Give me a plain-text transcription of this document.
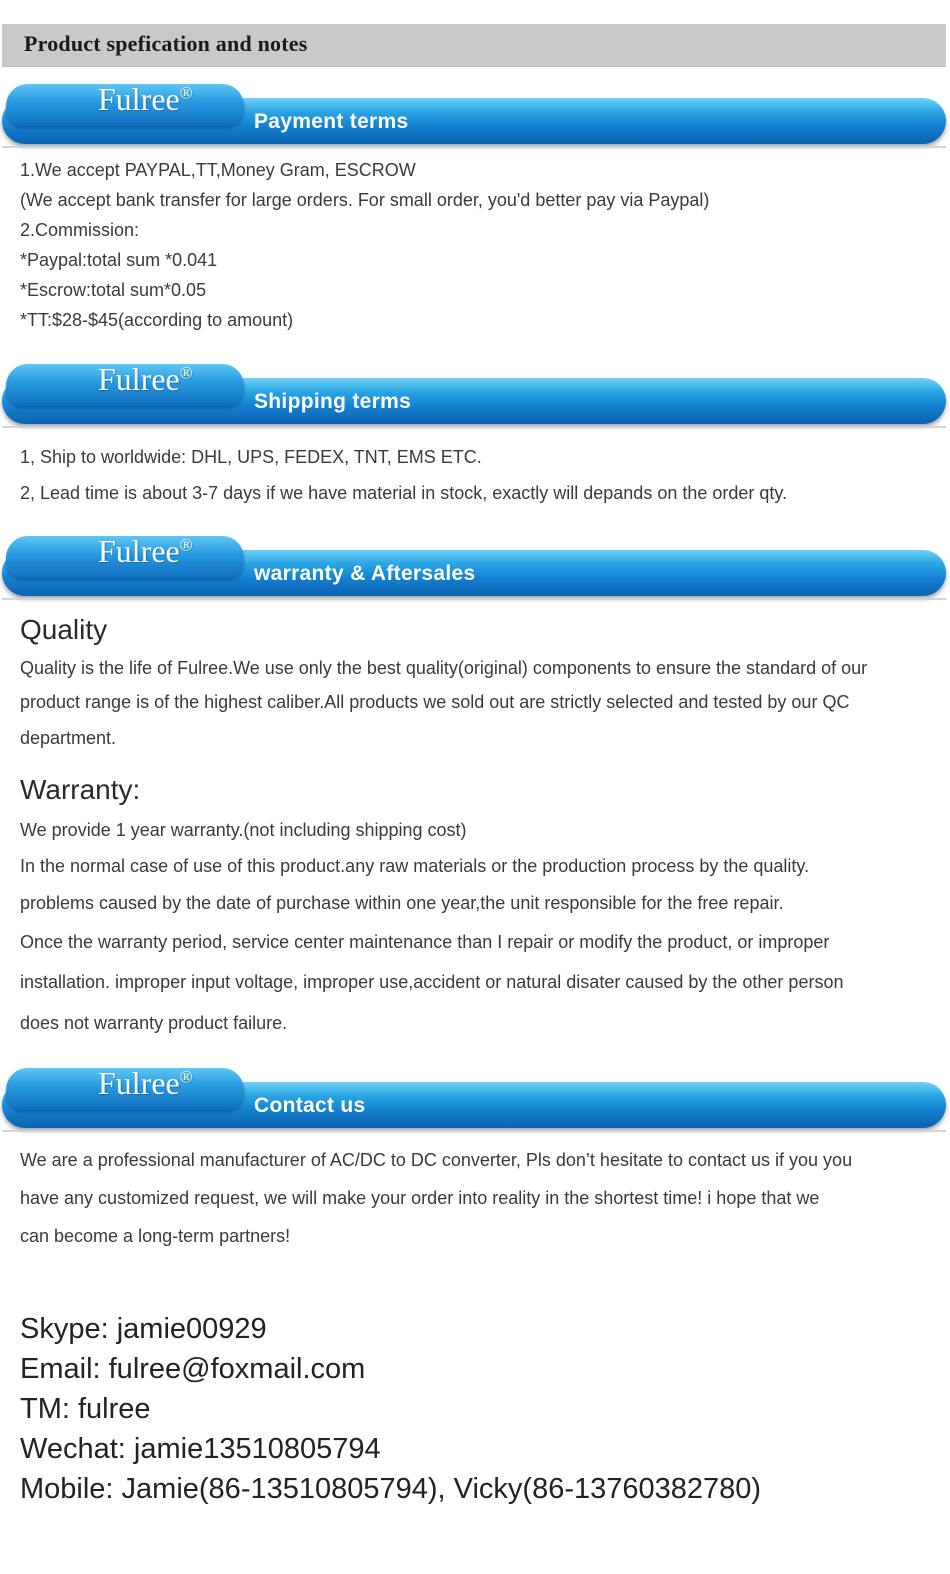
Product spefication and notes
Fulree®
Payment terms
1.We accept PAYPAL,TT,Money Gram, ESCROW
(We accept bank transfer for large orders. For small order, you'd better pay via Paypal)
2.Commission:
*Paypal:total sum *0.041
*Escrow:total sum*0.05
*TT:$28-$45(according to amount)
Fulree®
Shipping terms
1, Ship to worldwide: DHL, UPS, FEDEX, TNT, EMS ETC.
2, Lead time is about 3-7 days if we have material in stock, exactly will depands on the order qty.
Fulree®
warranty & Aftersales
Quality
Quality is the life of Fulree.We use only the best quality(original) components to ensure the standard of our
product range is of the highest caliber.All products we sold out are strictly selected and tested by our QC
department.
Warranty:
We provide 1 year warranty.(not including shipping cost)
In the normal case of use of this product.any raw materials or the production process by the quality.
problems caused by the date of purchase within one year,the unit responsible for the free repair.
Once the warranty period, service center maintenance than I repair or modify the product, or improper
installation. improper input voltage, improper use,accident or natural disater caused by the other person
does not warranty product failure.
Fulree®
Contact us
We are a professional manufacturer of AC/DC to DC converter, Pls don’t hesitate to contact us if you you
have any customized request, we will make your order into reality in the shortest time! i hope that we
can become a long-term partners!
Skype: jamie00929
Email: fulree@foxmail.com
TM: fulree
Wechat: jamie13510805794
Mobile: Jamie(86-13510805794), Vicky(86-13760382780)
